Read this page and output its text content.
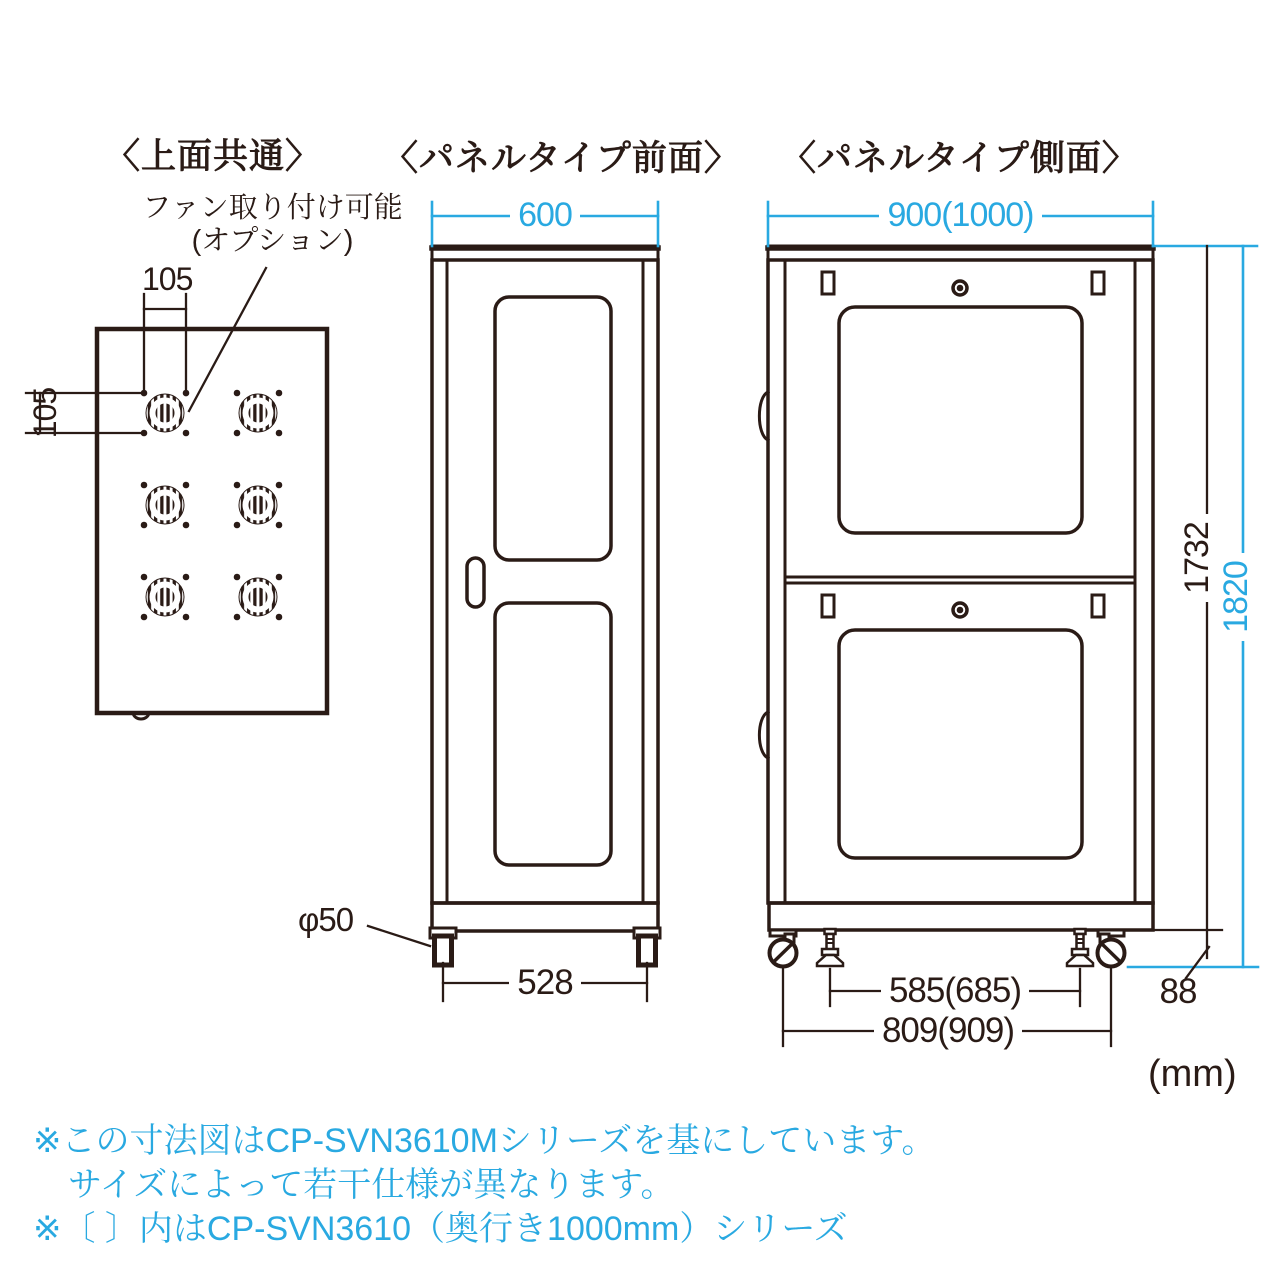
〈上面共通〉 〈パネルタイプ前面〉 〈パネルタイプ側面〉
ファン取り付け可能
(オプション)
105
105
600	900(1000)
1732
1820
φ50
528	585(685)
809(909)
88
(mm)
※この寸法図はCP-SVN3610Mシリーズを基にしています。
サイズによって若干仕様が異なります。
※〔 〕内はCP-SVN3610（奥行き1000mm）シリーズ
